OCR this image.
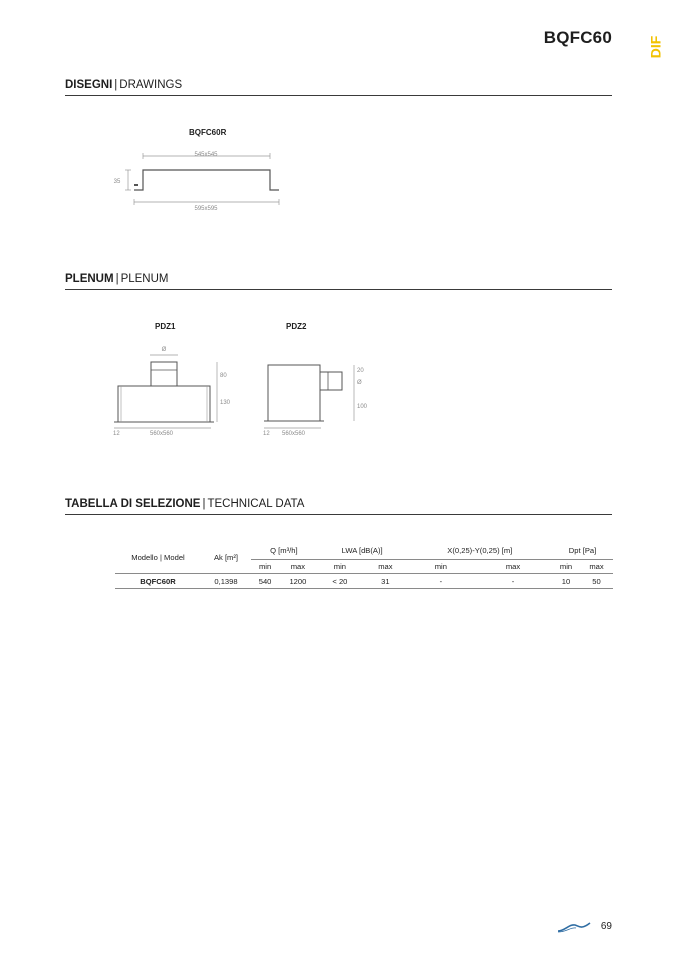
BQFC60	DIF
DISEGNI | DRAWINGS
BQFC60R
545x545
35
595x595
PLENUM | PLENUM
PDZ1	PDZ2
Ø
80
130
12	560x560
20
Ø
100
12 560x560
TABELLA DI SELEZIONE | TECHNICAL DATA
Modello | Model	Ak [m²]	Q [m³/h]		LWA [dB(A)]		X(0,25)-Y(0,25) [m]		Dpt [Pa]	
		min	max	min	max	min	max	min	max
BQFC60R	0,1398	540	1200	< 20	31	-	-	10	50
69
